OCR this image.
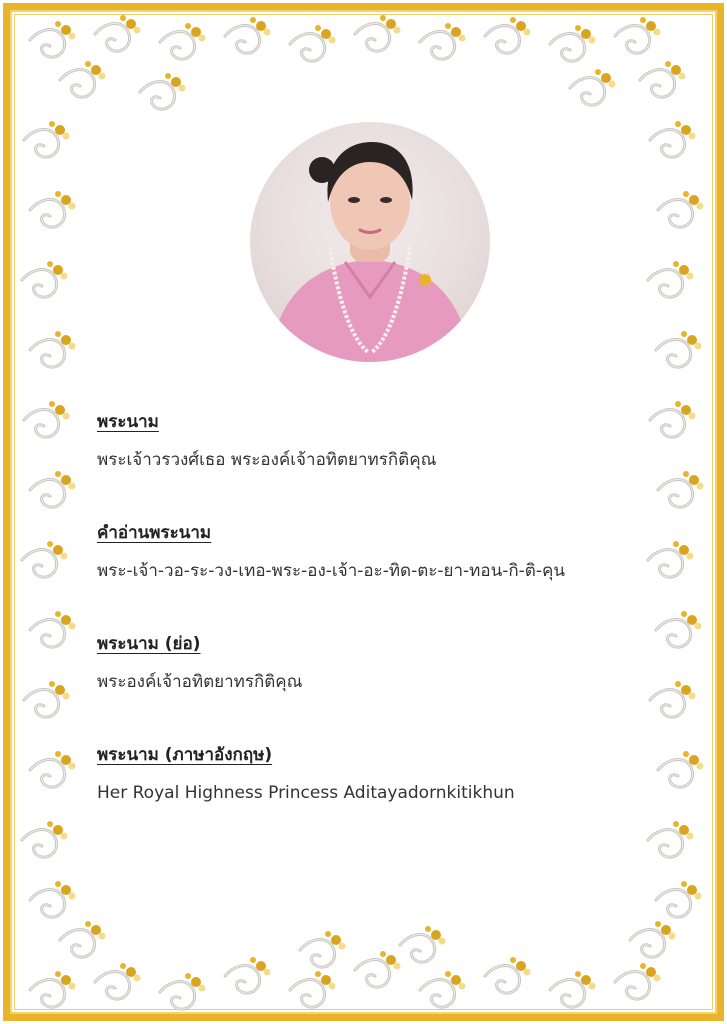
พระนาม

พระเจ้าวรวงศ์เธอ พระองค์เจ้าอทิตยาทรกิติคุณ

คำอ่านพระนาม

พระ-เจ้า-วอ-ระ-วง-เทอ-พระ-อง-เจ้า-อะ-ทิด-ตะ-ยา-ทอน-กิ-ติ-คุน

พระนาม (ย่อ)

พระองค์เจ้าอทิตยาทรกิติคุณ

พระนาม (ภาษาอังกฤษ)

Her Royal Highness Princess Aditayadornkitikhun
